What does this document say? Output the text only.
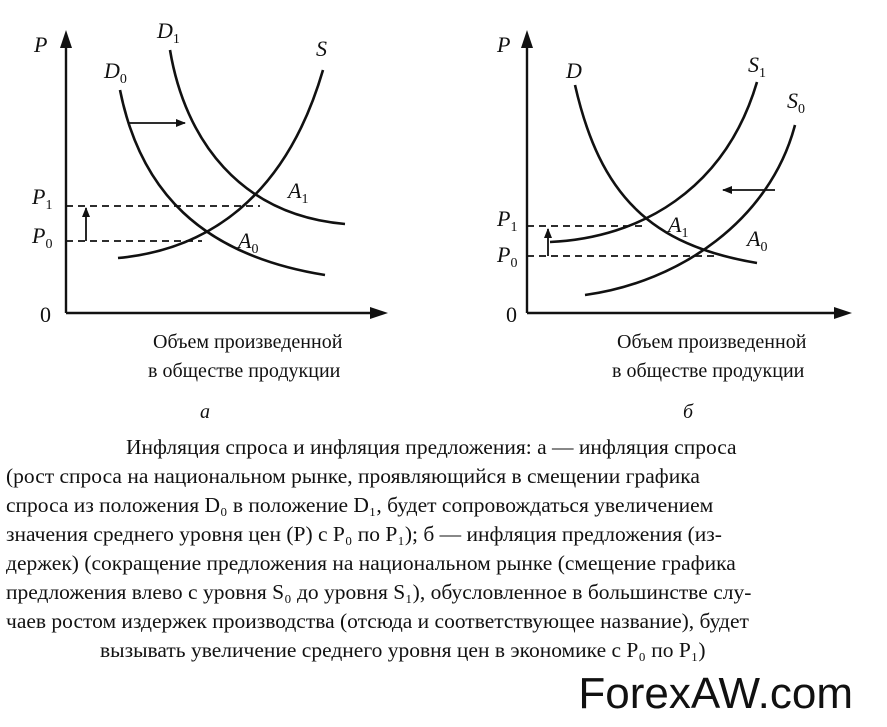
P
0
$P_1$
$P_0$
$D_0$
$D_1$	S
$A_1$
$A_0$
Объем произведенной
в обществе продукции
а
P
0
$P_1$
$P_0$
D	$S_1$
$S_0$
$A_1$	$A_0$
Объем произведенной
в обществе продукции
б
Инфляция спроса и инфляция предложения: а — инфляция спроса
(рост спроса на национальном рынке, проявляющийся в смещении графика
спроса из положения D₀ в положение D₁, будет сопровождаться увеличением
значения среднего уровня цен (P) с P₀ по P₁); б — инфляция предложения (из-
держек) (сокращение предложения на национальном рынке (смещение графика
предложения влево с уровня S₀ до уровня S₁), обусловленное в большинстве слу-
чаев ростом издержек производства (отсюда и соответствующее название), будет
вызывать увеличение среднего уровня цен в экономике с P₀ по P₁)
ForexAW.com
